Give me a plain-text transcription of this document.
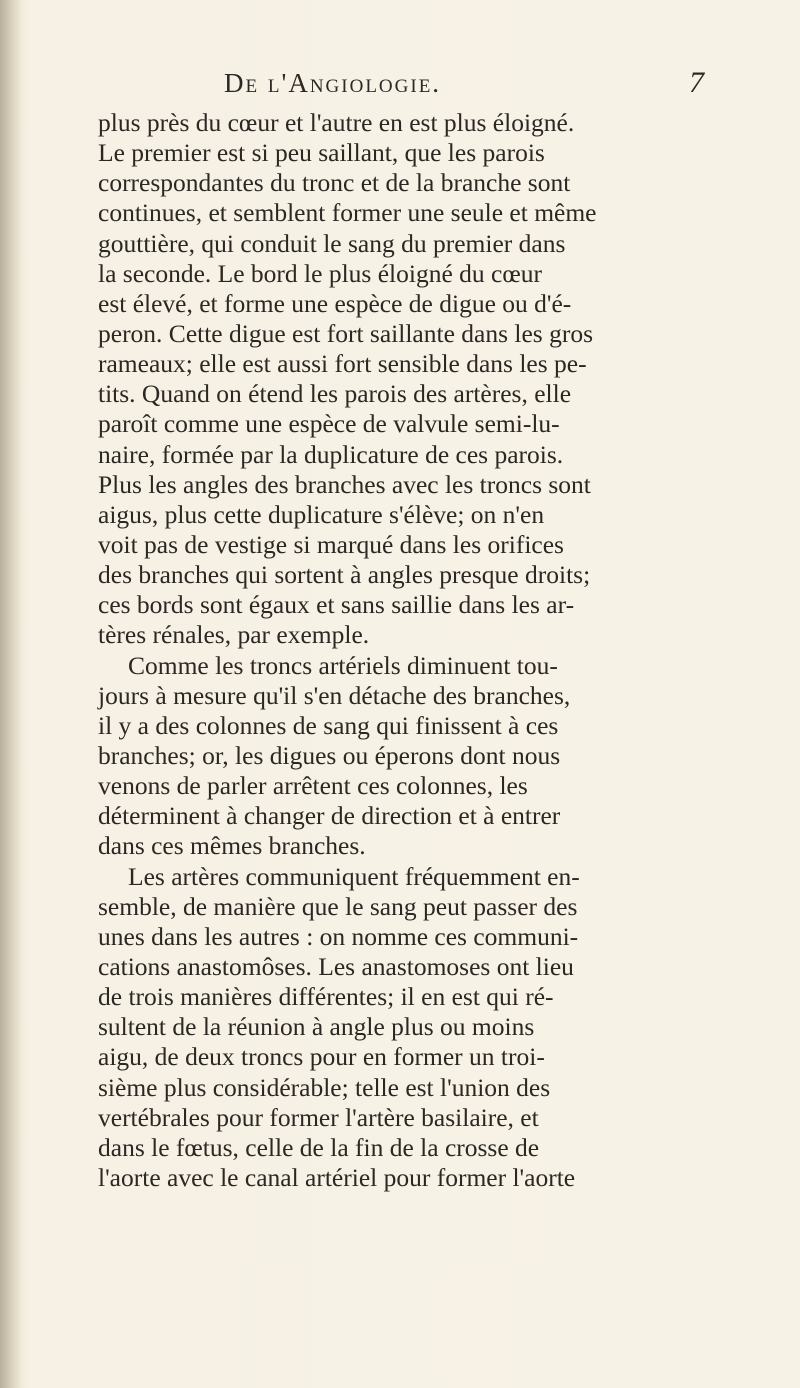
De l'Angiologie.	7
plus près du cœur et l'autre en est plus éloigné.
Le premier est si peu saillant, que les parois
correspondantes du tronc et de la branche sont
continues, et semblent former une seule et même
gouttière, qui conduit le sang du premier dans
la seconde. Le bord le plus éloigné du cœur
est élevé, et forme une espèce de digue ou d'é-
peron. Cette digue est fort saillante dans les gros
rameaux; elle est aussi fort sensible dans les pe-
tits. Quand on étend les parois des artères, elle
paroît comme une espèce de valvule semi-lu-
naire, formée par la duplicature de ces parois.
Plus les angles des branches avec les troncs sont
aigus, plus cette duplicature s'élève; on n'en
voit pas de vestige si marqué dans les orifices
des branches qui sortent à angles presque droits;
ces bords sont égaux et sans saillie dans les ar-
tères rénales, par exemple.
Comme les troncs artériels diminuent tou-
jours à mesure qu'il s'en détache des branches,
il y a des colonnes de sang qui finissent à ces
branches; or, les digues ou éperons dont nous
venons de parler arrêtent ces colonnes, les
déterminent à changer de direction et à entrer
dans ces mêmes branches.
Les artères communiquent fréquemment en-
semble, de manière que le sang peut passer des
unes dans les autres : on nomme ces communi-
cations anastomôses. Les anastomoses ont lieu
de trois manières différentes; il en est qui ré-
sultent de la réunion à angle plus ou moins
aigu, de deux troncs pour en former un troi-
sième plus considérable; telle est l'union des
vertébrales pour former l'artère basilaire, et
dans le fœtus, celle de la fin de la crosse de
l'aorte avec le canal artériel pour former l'aorte
